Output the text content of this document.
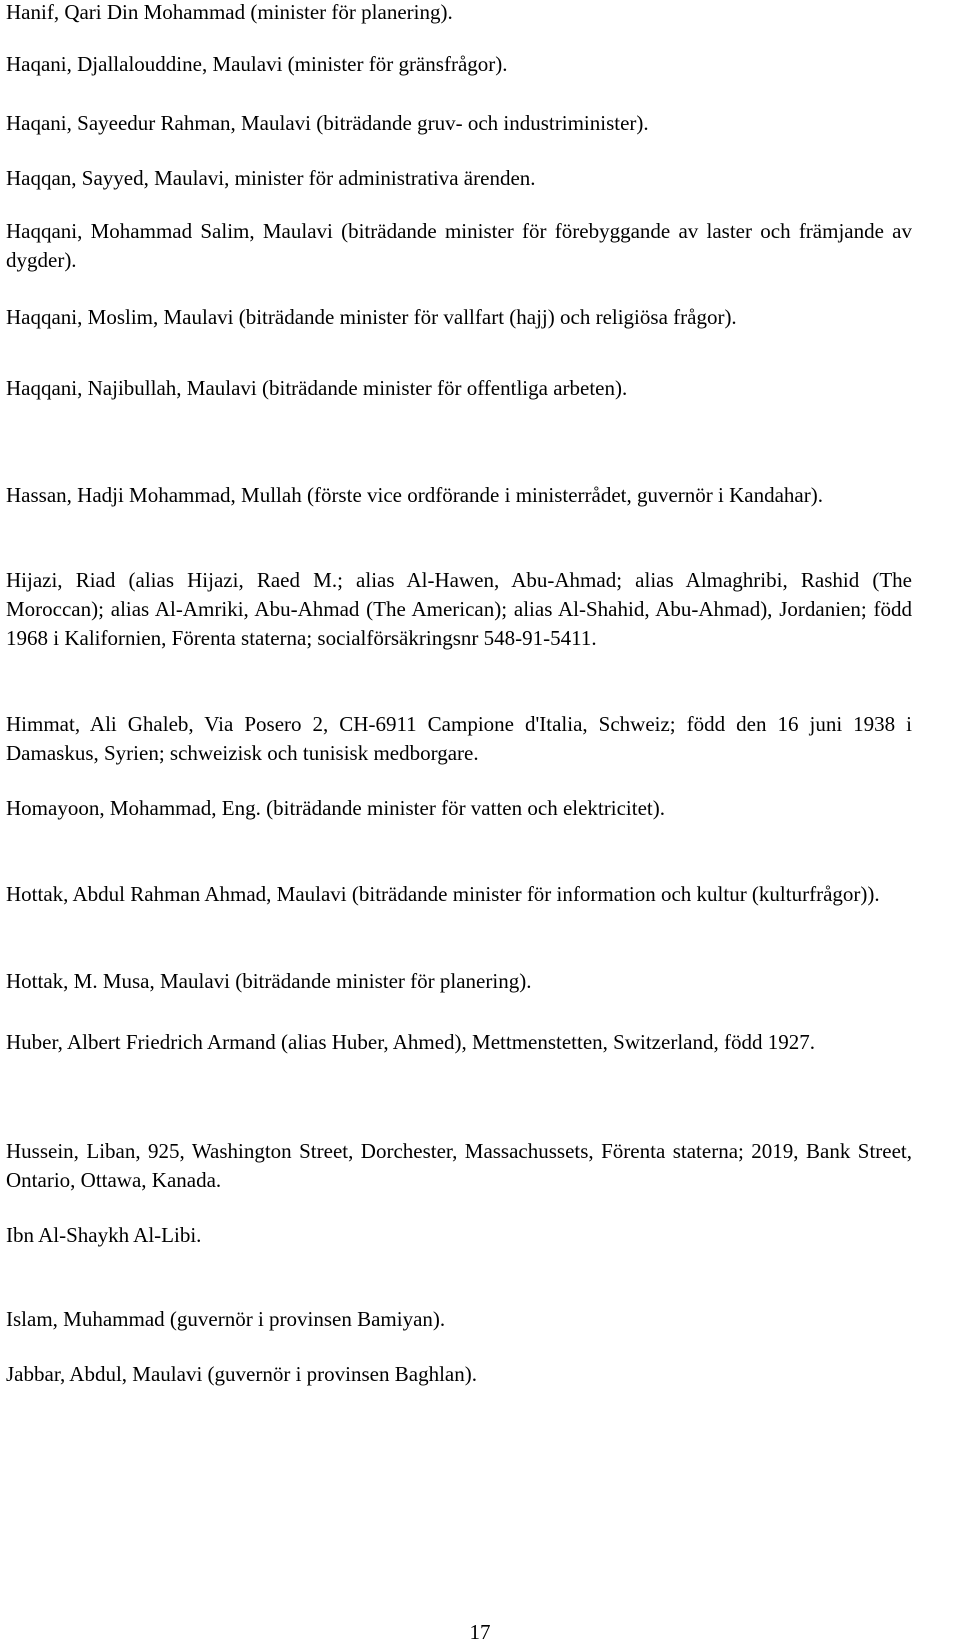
Hanif, Qari Din Mohammad (minister för planering).

Haqani, Djallalouddine, Maulavi (minister för gränsfrågor).

Haqani, Sayeedur Rahman, Maulavi (biträdande gruv- och industriminister).

Haqqan, Sayyed, Maulavi, minister för administrativa ärenden.

Haqqani, Mohammad Salim, Maulavi (biträdande minister för förebyggande av laster och främjande av dygder).

Haqqani, Moslim, Maulavi (biträdande minister för vallfart (hajj) och religiösa frågor).

Haqqani, Najibullah, Maulavi (biträdande minister för offentliga arbeten).

Hassan, Hadji Mohammad, Mullah (förste vice ordförande i ministerrådet, guvernör i Kandahar).

Hijazi, Riad (alias Hijazi, Raed M.; alias Al-Hawen, Abu-Ahmad; alias Almaghribi, Rashid (The Moroccan); alias Al-Amriki, Abu-Ahmad (The American); alias Al-Shahid, Abu-Ahmad), Jordanien; född 1968 i Kalifornien, Förenta staterna; socialförsäkringsnr 548-91-5411.

Himmat, Ali Ghaleb, Via Posero 2, CH-6911 Campione d'Italia, Schweiz; född den 16 juni 1938 i Damaskus, Syrien; schweizisk och tunisisk medborgare.

Homayoon, Mohammad, Eng. (biträdande minister för vatten och elektricitet).

Hottak, Abdul Rahman Ahmad, Maulavi (biträdande minister för information och kultur (kulturfrågor)).

Hottak, M. Musa, Maulavi (biträdande minister för planering).

Huber, Albert Friedrich Armand (alias Huber, Ahmed), Mettmenstetten, Switzerland, född 1927.

Hussein, Liban, 925, Washington Street, Dorchester, Massachussets, Förenta staterna; 2019, Bank Street, Ontario, Ottawa, Kanada.

Ibn Al-Shaykh Al-Libi.

Islam, Muhammad (guvernör i provinsen Bamiyan).

Jabbar, Abdul, Maulavi (guvernör i provinsen Baghlan).

17
